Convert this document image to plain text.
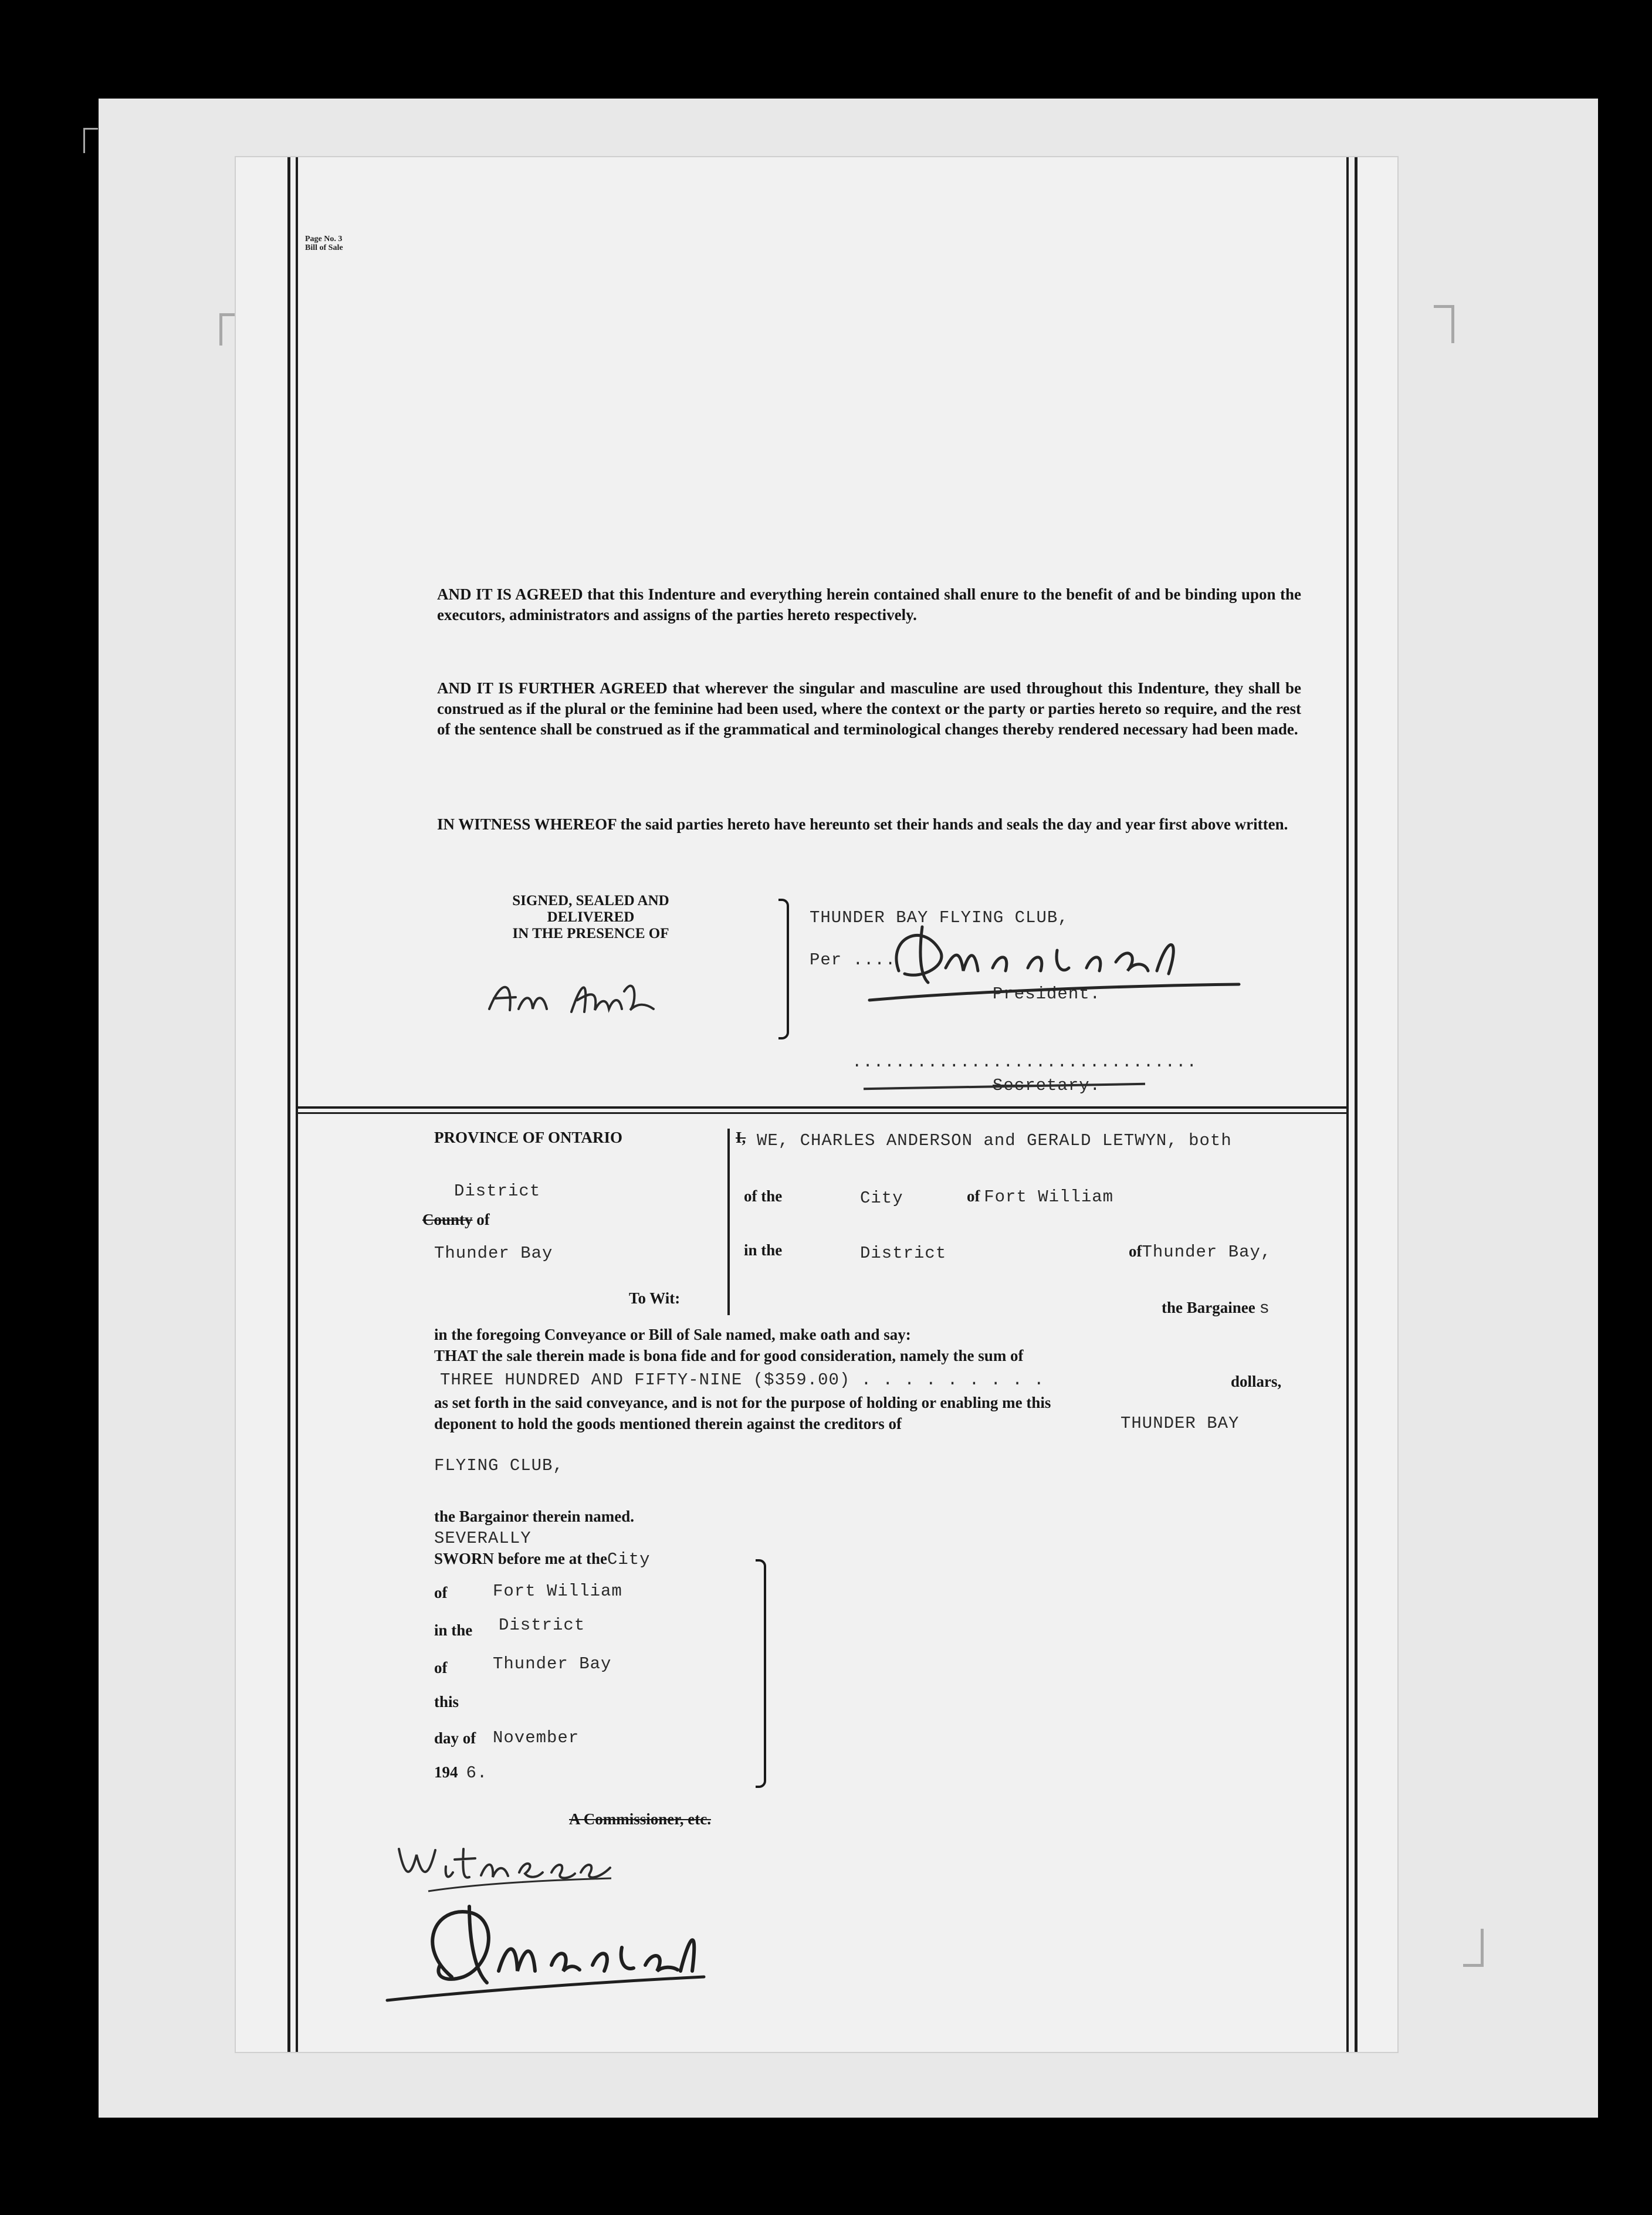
Page No. 3
Bill of Sale

AND IT IS AGREED that this Indenture and everything herein contained shall enure to the benefit of and be binding upon the executors, administrators and assigns of the parties hereto respectively.

AND IT IS FURTHER AGREED that wherever the singular and masculine are used throughout this Indenture, they shall be construed as if the plural or the feminine had been used, where the context or the party or parties hereto so require, and the rest of the sentence shall be construed as if the grammatical and terminological changes thereby rendered necessary had been made.

IN WITNESS WHEREOF the said parties hereto have hereunto set their hands and seals the day and year first above written.

SIGNED, SEALED AND
DELIVERED
IN THE PRESENCE OF
THUNDER BAY FLYING CLUB,
Per ....
President.
................................
PROVINCE OF ONTARIO
District
County of
Thunder Bay
To Wit:
I, WE, CHARLES ANDERSON and GERALD LETWYN, both
of the	City	of Fort William
in the	District	ofThunder Bay,
the Bargainee s
in the foregoing Conveyance or Bill of Sale named, make oath and say:
THAT the sale therein made is bona fide and for good consideration, namely the sum of
THREE HUNDRED AND FIFTY-NINE ($359.00) . . . . . . . . .	dollars,
as set forth in the said conveyance, and is not for the purpose of holding or enabling me this
deponent to hold the goods mentioned therein against the creditors of	THUNDER BAY
FLYING CLUB,
the Bargainor therein named.
SEVERALLY
SWORN before me at theCity
of	Fort William
in the District
of	Thunder Bay
this
day of November
194 6.
A Commissioner, etc.
